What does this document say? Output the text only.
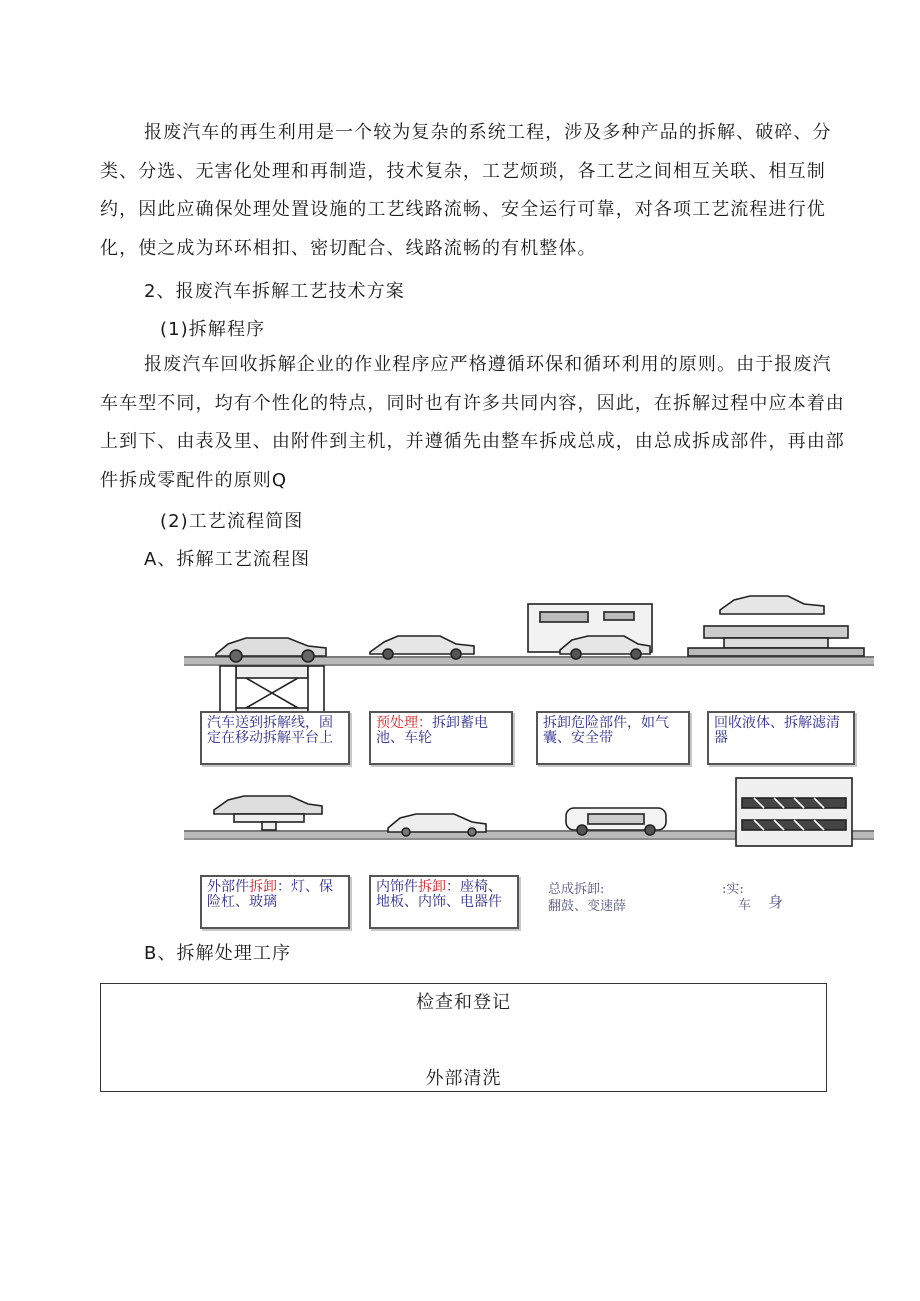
报废汽车的再生利用是一个较为复杂的系统工程，涉及多种产品的拆解、破碎、分类、分选、无害化处理和再制造，技术复杂，工艺烦琐，各工艺之间相互关联、相互制约，因此应确保处理处置设施的工艺线路流畅、安全运行可靠，对各项工艺流程进行优化，使之成为环环相扣、密切配合、线路流畅的有机整体。

2、报废汽车拆解工艺技术方案
(1)拆解程序

报废汽车回收拆解企业的作业程序应严格遵循环保和循环利用的原则。由于报废汽车车型不同，均有个性化的特点，同时也有许多共同内容，因此，在拆解过程中应本着由上到下、由表及里、由附件到主机，并遵循先由整车拆成总成，由总成拆成部件，再由部件拆成零配件的原则Q

(2)工艺流程简图
A、拆解工艺流程图
汽车送到拆解线，固定在移动拆解平台上
预处理：拆卸蓄电池、车轮
拆卸危险部件，如气囊、安全带
回收液体、拆解滤清器
外部件拆卸：灯、保险杠、玻璃
内饰件拆卸：座椅、地板、内饰、电器件
总成拆卸:
翻鼓、变速薛
:实:
车 身
B、拆解处理工序
检查和登记
外部清洗
